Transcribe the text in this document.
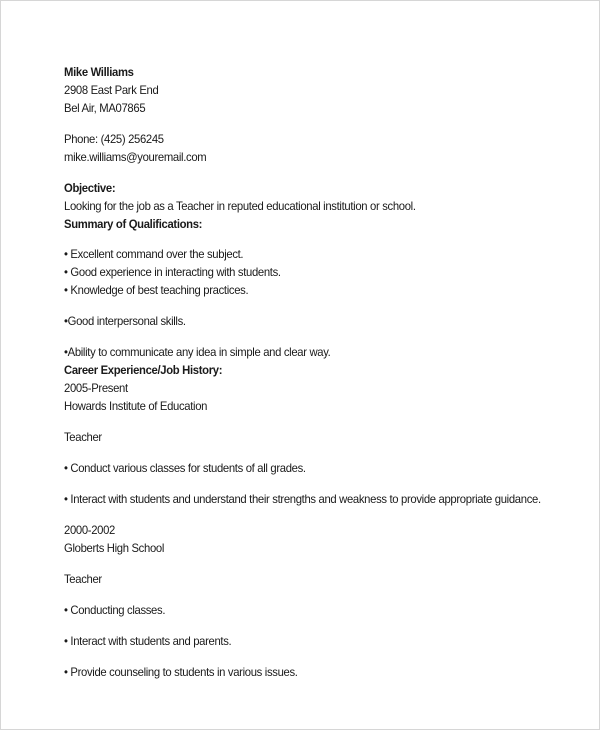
Mike Williams
2908 East Park End
Bel Air, MA07865
Phone: (425) 256245
mike.williams@youremail.com
Objective:
Looking for the job as a Teacher in reputed educational institution or school.
Summary of Qualifications:
• Excellent command over the subject.
• Good experience in interacting with students.
• Knowledge of best teaching practices.
•Good interpersonal skills.
•Ability to communicate any idea in simple and clear way.
Career Experience/Job History:
2005-Present
Howards Institute of Education
Teacher
• Conduct various classes for students of all grades.
• Interact with students and understand their strengths and weakness to provide appropriate guidance.
2000-2002
Globerts High School
Teacher
• Conducting classes.
• Interact with students and parents.
• Provide counseling to students in various issues.
